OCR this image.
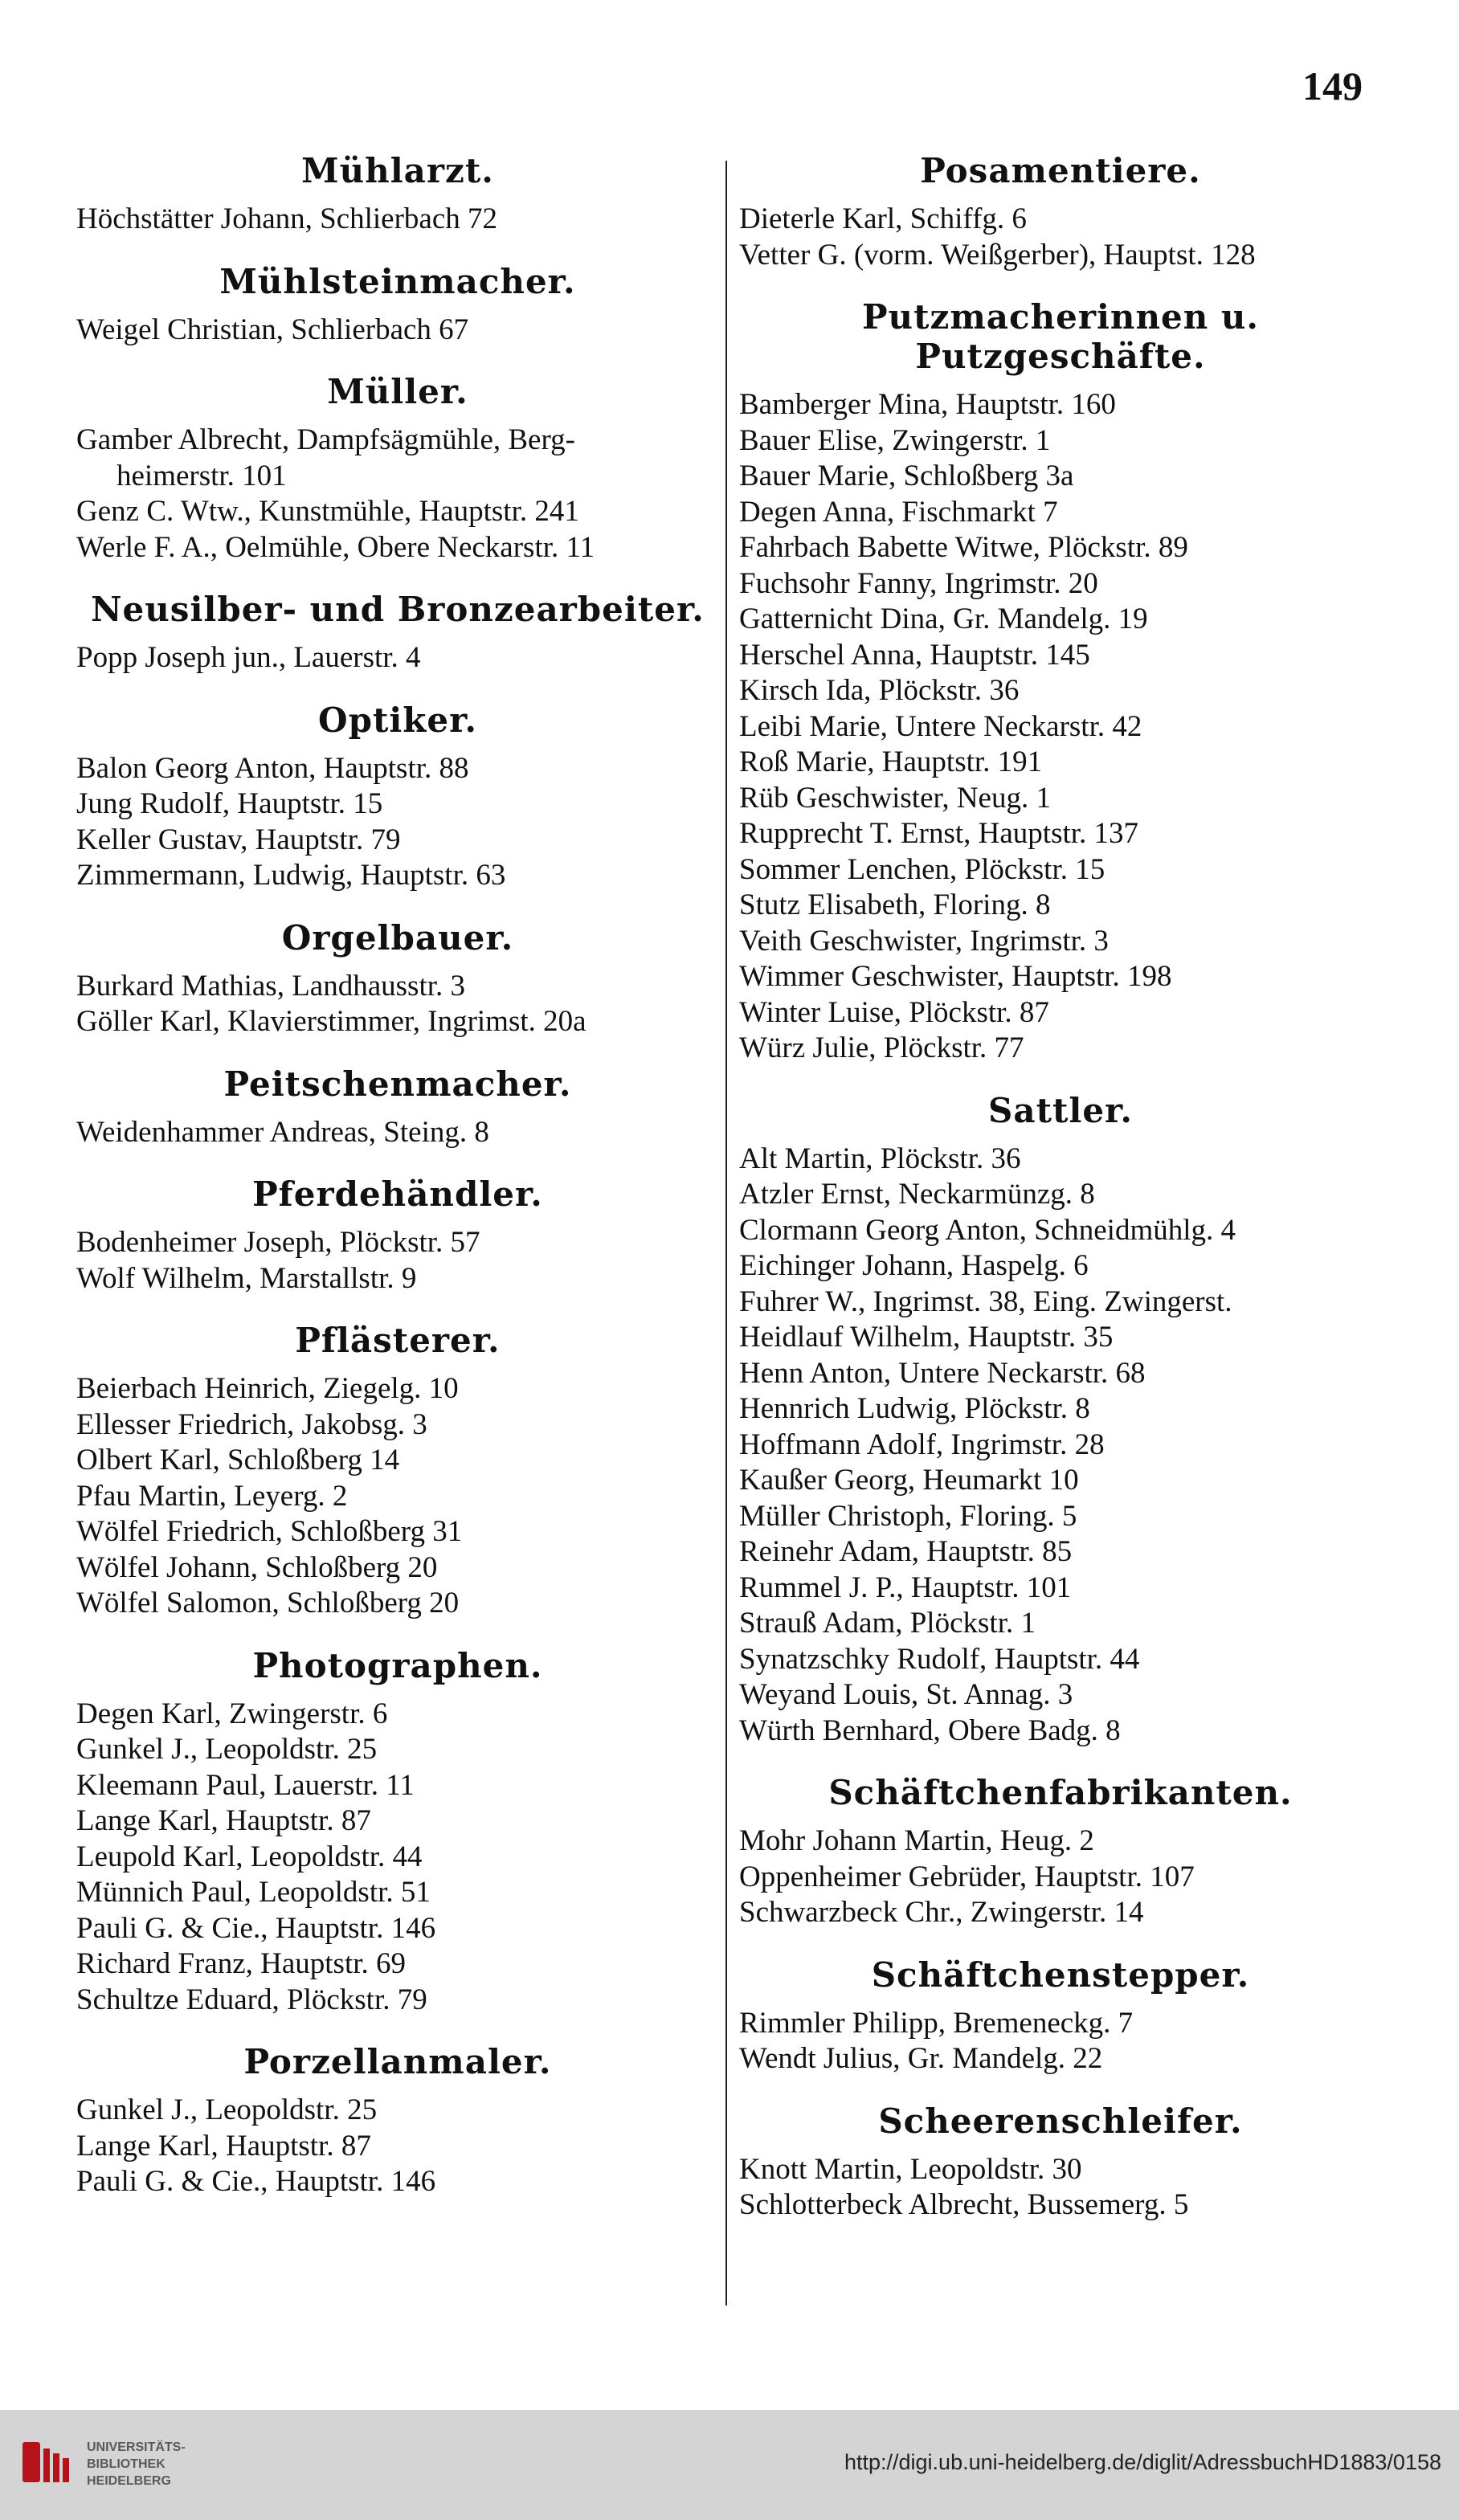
149
Mühlarzt.
Höchstätter Johann, Schlierbach 72
Mühlsteinmacher.
Weigel Christian, Schlierbach 67
Müller.
Gamber Albrecht, Dampfsägmühle, Berg-
heimerstr. 101
Genz C. Wtw., Kunstmühle, Hauptstr. 241
Werle F. A., Oelmühle, Obere Neckarstr. 11
Neusilber- und Bronzearbeiter.
Popp Joseph jun., Lauerstr. 4
Optiker.
Balon Georg Anton, Hauptstr. 88
Jung Rudolf, Hauptstr. 15
Keller Gustav, Hauptstr. 79
Zimmermann, Ludwig, Hauptstr. 63
Orgelbauer.
Burkard Mathias, Landhausstr. 3
Göller Karl, Klavierstimmer, Ingrimst. 20a
Peitschenmacher.
Weidenhammer Andreas, Steing. 8
Pferdehändler.
Bodenheimer Joseph, Plöckstr. 57
Wolf Wilhelm, Marstallstr. 9
Pflästerer.
Beierbach Heinrich, Ziegelg. 10
Ellesser Friedrich, Jakobsg. 3
Olbert Karl, Schloßberg 14
Pfau Martin, Leyerg. 2
Wölfel Friedrich, Schloßberg 31
Wölfel Johann, Schloßberg 20
Wölfel Salomon, Schloßberg 20
Photographen.
Degen Karl, Zwingerstr. 6
Gunkel J., Leopoldstr. 25
Kleemann Paul, Lauerstr. 11
Lange Karl, Hauptstr. 87
Leupold Karl, Leopoldstr. 44
Münnich Paul, Leopoldstr. 51
Pauli G. & Cie., Hauptstr. 146
Richard Franz, Hauptstr. 69
Schultze Eduard, Plöckstr. 79
Porzellanmaler.
Gunkel J., Leopoldstr. 25
Lange Karl, Hauptstr. 87
Pauli G. & Cie., Hauptstr. 146
Posamentiere.
Dieterle Karl, Schiffg. 6
Vetter G. (vorm. Weißgerber), Hauptst. 128
Putzmacherinnen u. Putzgeschäfte.
Bamberger Mina, Hauptstr. 160
Bauer Elise, Zwingerstr. 1
Bauer Marie, Schloßberg 3a
Degen Anna, Fischmarkt 7
Fahrbach Babette Witwe, Plöckstr. 89
Fuchsohr Fanny, Ingrimstr. 20
Gatternicht Dina, Gr. Mandelg. 19
Herschel Anna, Hauptstr. 145
Kirsch Ida, Plöckstr. 36
Leibi Marie, Untere Neckarstr. 42
Roß Marie, Hauptstr. 191
Rüb Geschwister, Neug. 1
Rupprecht T. Ernst, Hauptstr. 137
Sommer Lenchen, Plöckstr. 15
Stutz Elisabeth, Floring. 8
Veith Geschwister, Ingrimstr. 3
Wimmer Geschwister, Hauptstr. 198
Winter Luise, Plöckstr. 87
Würz Julie, Plöckstr. 77
Sattler.
Alt Martin, Plöckstr. 36
Atzler Ernst, Neckarmünzg. 8
Clormann Georg Anton, Schneidmühlg. 4
Eichinger Johann, Haspelg. 6
Fuhrer W., Ingrimst. 38, Eing. Zwingerst.
Heidlauf Wilhelm, Hauptstr. 35
Henn Anton, Untere Neckarstr. 68
Hennrich Ludwig, Plöckstr. 8
Hoffmann Adolf, Ingrimstr. 28
Kaußer Georg, Heumarkt 10
Müller Christoph, Floring. 5
Reinehr Adam, Hauptstr. 85
Rummel J. P., Hauptstr. 101
Strauß Adam, Plöckstr. 1
Synatzschky Rudolf, Hauptstr. 44
Weyand Louis, St. Annag. 3
Würth Bernhard, Obere Badg. 8
Schäftchenfabrikanten.
Mohr Johann Martin, Heug. 2
Oppenheimer Gebrüder, Hauptstr. 107
Schwarzbeck Chr., Zwingerstr. 14
Schäftchenstepper.
Rimmler Philipp, Bremeneckg. 7
Wendt Julius, Gr. Mandelg. 22
Scheerenschleifer.
Knott Martin, Leopoldstr. 30
Schlotterbeck Albrecht, Bussemerg. 5
UNIVERSITÄTS-
BIBLIOTHEK
HEIDELBERG
http://digi.ub.uni-heidelberg.de/diglit/AdressbuchHD1883/0158
